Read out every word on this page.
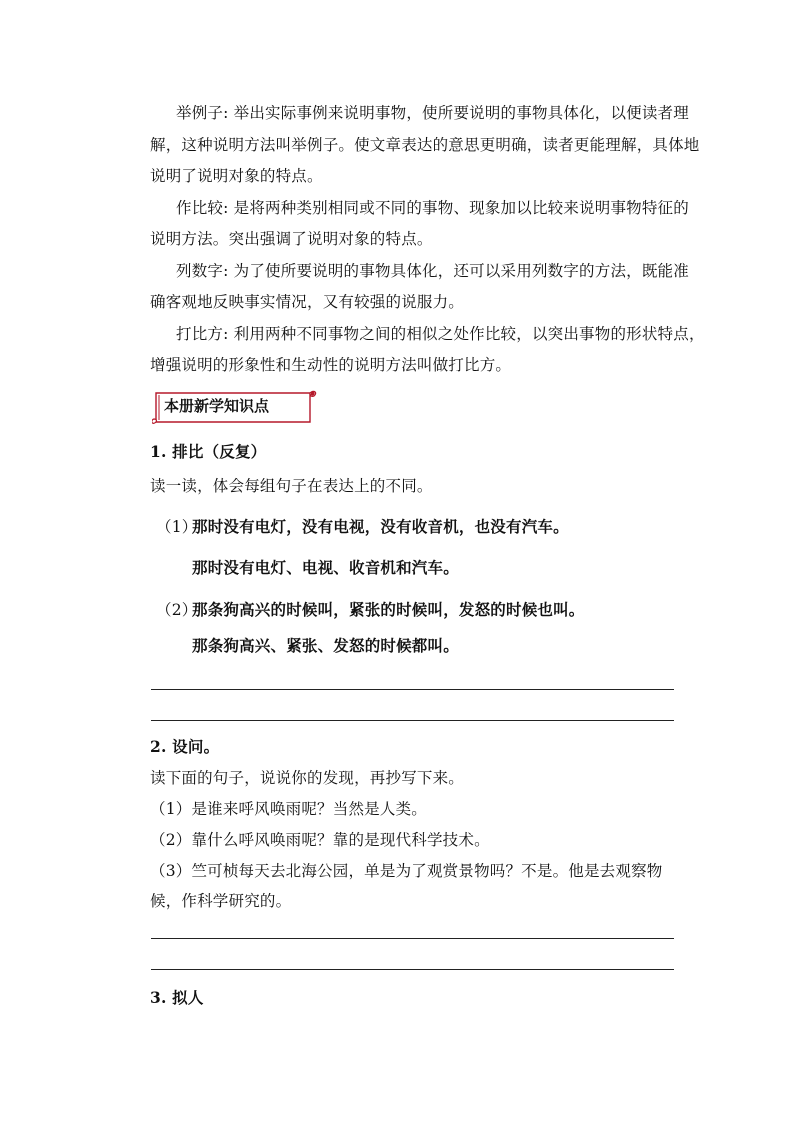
举例子: 举出实际事例来说明事物，使所要说明的事物具体化，以便读者理
解，这种说明方法叫举例子。使文章表达的意思更明确，读者更能理解，具体地
说明了说明对象的特点。
作比较: 是将两种类别相同或不同的事物、现象加以比较来说明事物特征的
说明方法。突出强调了说明对象的特点。
列数字: 为了使所要说明的事物具体化，还可以采用列数字的方法，既能准
确客观地反映事实情况，又有较强的说服力。
打比方: 利用两种不同事物之间的相似之处作比较，以突出事物的形状特点，
增强说明的形象性和生动性的说明方法叫做打比方。
本册新学知识点
1. 排比（反复）
读一读，体会每组句子在表达上的不同。
（1）
那时没有电灯，没有电视，没有收音机，也没有汽车。
那时没有电灯、电视、收音机和汽车。
（2）
那条狗高兴的时候叫，紧张的时候叫，发怒的时候也叫。
那条狗高兴、紧张、发怒的时候都叫。
2. 设问。
读下面的句子，说说你的发现，再抄写下来。
（1）是谁来呼风唤雨呢？当然是人类。
（2）靠什么呼风唤雨呢？靠的是现代科学技术。
（3）竺可桢每天去北海公园，单是为了观赏景物吗？不是。他是去观察物
候，作科学研究的。
3. 拟人
